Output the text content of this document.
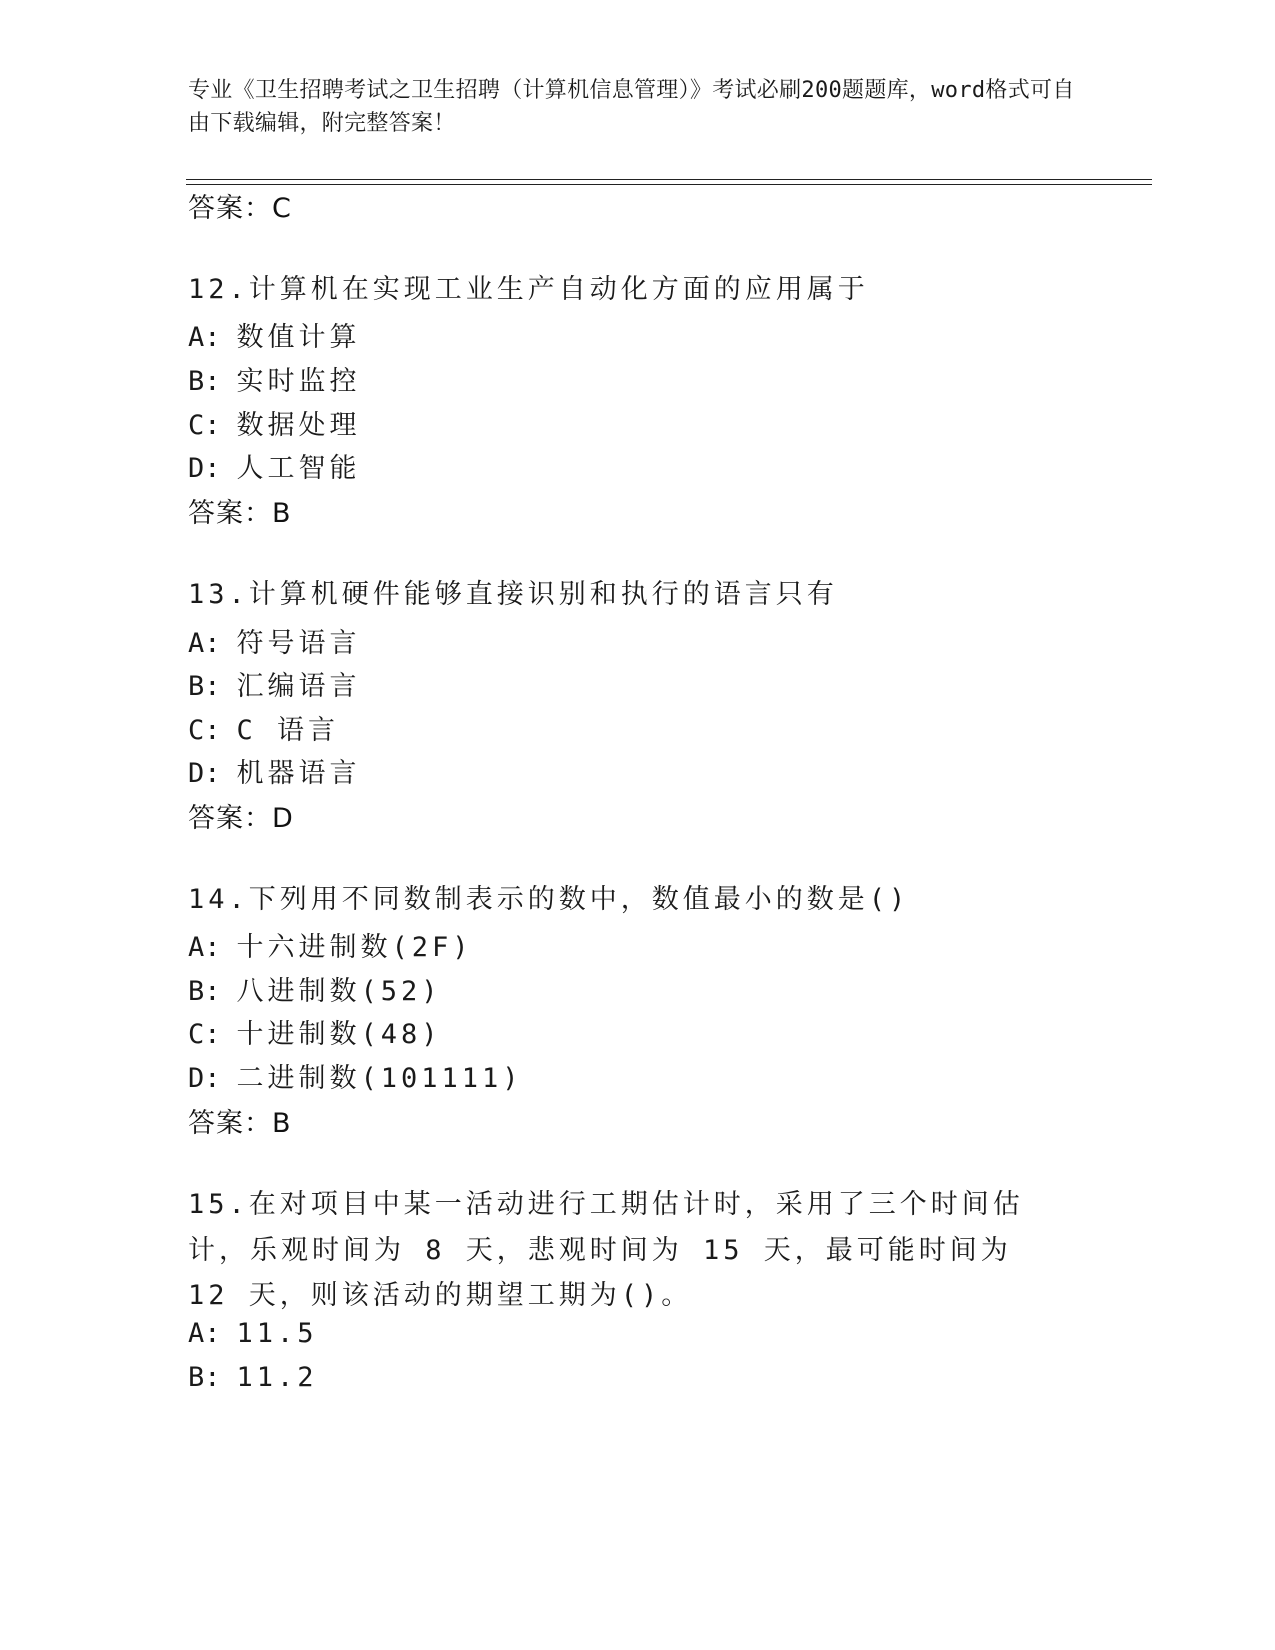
专业《卫生招聘考试之卫生招聘（计算机信息管理）》考试必刷200题题库，word格式可自由下载编辑，附完整答案！
答案：C
12.计算机在实现工业生产自动化方面的应用属于
A: 数值计算
B: 实时监控
C: 数据处理
D: 人工智能
答案：B
13.计算机硬件能够直接识别和执行的语言只有
A: 符号语言
B: 汇编语言
C: C 语言
D: 机器语言
答案：D
14.下列用不同数制表示的数中，数值最小的数是()
A: 十六进制数(2F)
B: 八进制数(52)
C: 十进制数(48)
D: 二进制数(101111)
答案：B
15.在对项目中某一活动进行工期估计时，采用了三个时间估计，乐观时间为 8 天，悲观时间为 15 天，最可能时间为 12 天，则该活动的期望工期为()。
A: 11.5
B: 11.2
